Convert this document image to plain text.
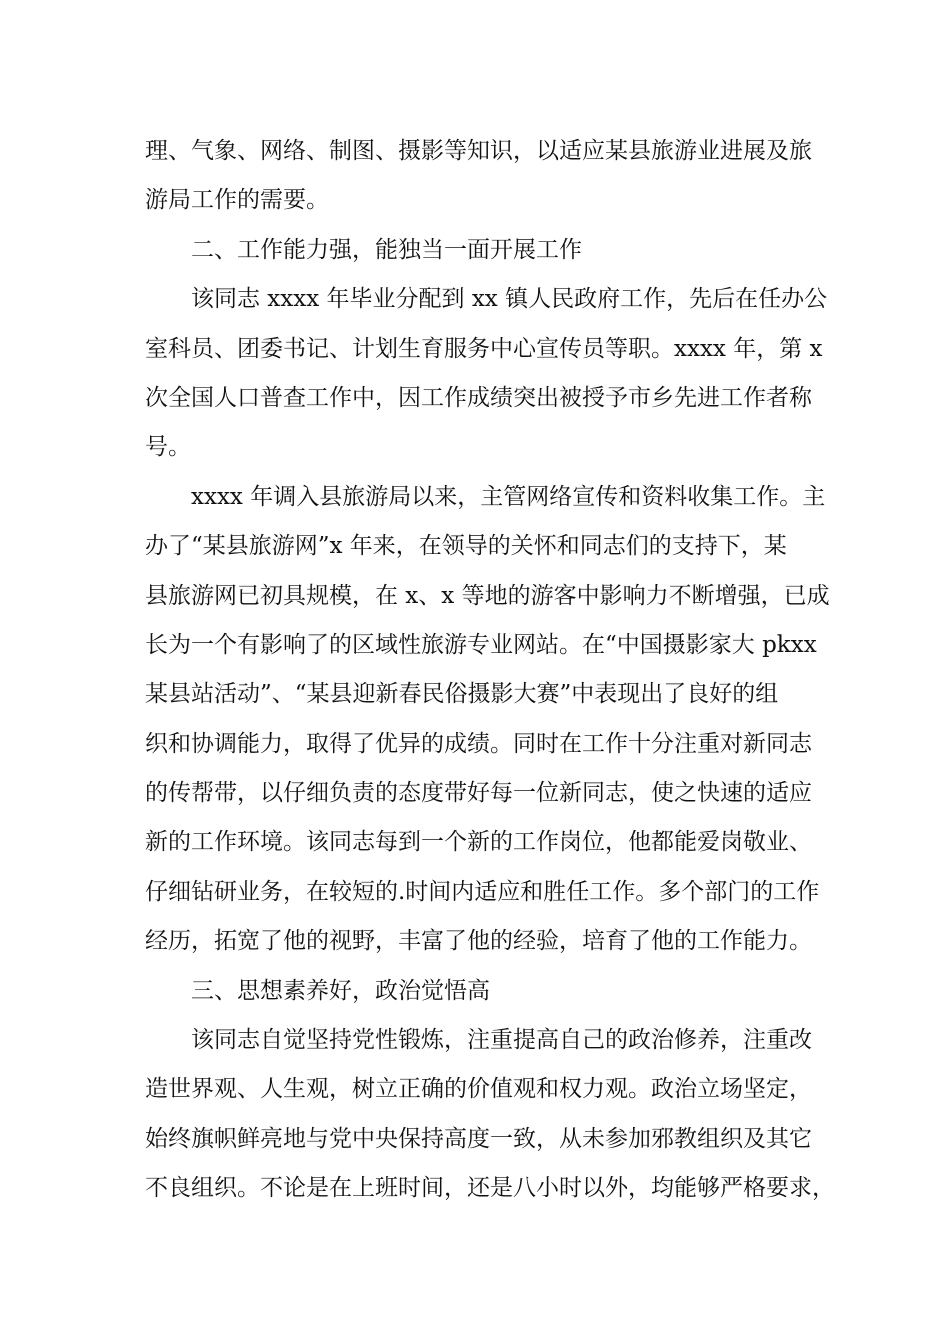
理、气象、网络、制图、摄影等知识，以适应某县旅游业进展及旅
游局工作的需要。
二、工作能力强，能独当一面开展工作
该同志 xxxx 年毕业分配到 xx 镇人民政府工作，先后在任办公
室科员、团委书记、计划生育服务中心宣传员等职。xxxx 年，第 x
次全国人口普查工作中，因工作成绩突出被授予市乡先进工作者称
号。
xxxx 年调入县旅游局以来，主管网络宣传和资料收集工作。主
办了“某县旅游网”x 年来，在领导的关怀和同志们的支持下，某
县旅游网已初具规模，在 x、x 等地的游客中影响力不断增强，已成
长为一个有影响了的区域性旅游专业网站。在“中国摄影家大 pkxx
某县站活动”、“某县迎新春民俗摄影大赛”中表现出了良好的组
织和协调能力，取得了优异的成绩。同时在工作十分注重对新同志
的传帮带，以仔细负责的态度带好每一位新同志，使之快速的适应
新的工作环境。该同志每到一个新的工作岗位，他都能爱岗敬业、
仔细钻研业务，在较短的.时间内适应和胜任工作。多个部门的工作
经历，拓宽了他的视野，丰富了他的经验，培育了他的工作能力。
三、思想素养好，政治觉悟高
该同志自觉坚持党性锻炼，注重提高自己的政治修养，注重改
造世界观、人生观，树立正确的价值观和权力观。政治立场坚定，
始终旗帜鲜亮地与党中央保持高度一致，从未参加邪教组织及其它
不良组织。不论是在上班时间，还是八小时以外，均能够严格要求，
